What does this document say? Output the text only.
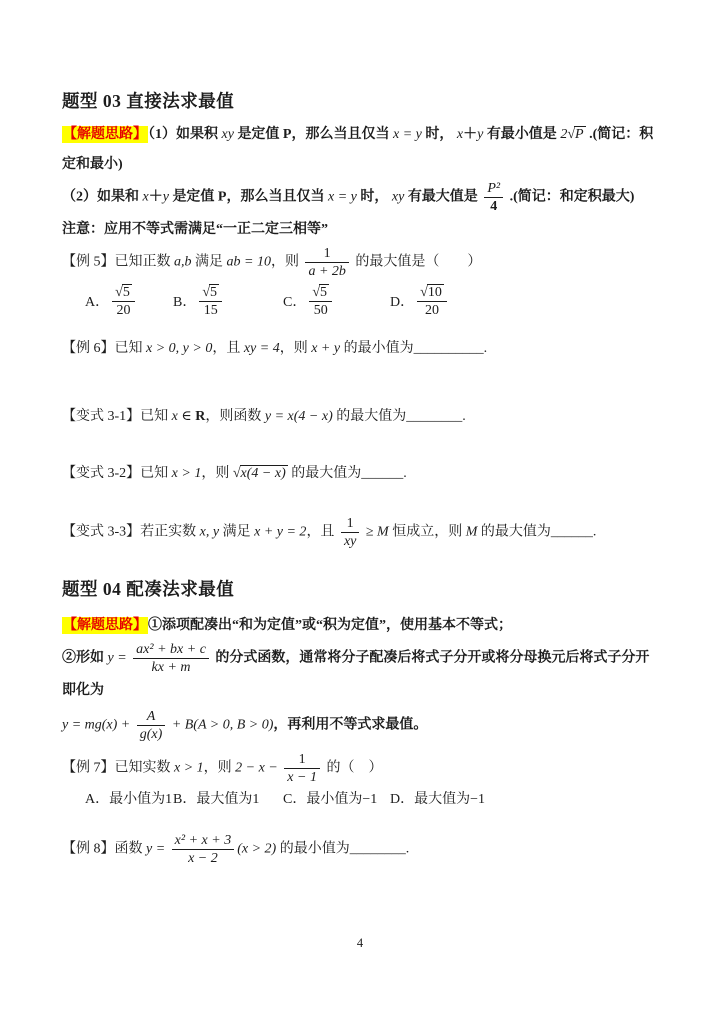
题型 03 直接法求最值

【解题思路】（1）如果积 xy 是定值 P，那么当且仅当 x = y 时， x＋y 有最小值是 2√P .(简记：积定和最小)

（2）如果和 x＋y 是定值 P，那么当且仅当 x = y 时， xy 有最大值是 $\frac{\text{P²}}{4}$ .(简记：和定积最大)

注意：应用不等式需满足“一正二定三相等”

【例 5】已知正数 a,b 满足 ab = 10，则 $\frac{1}{a + 2b}$ 的最大值是（　　）

A． $\frac{√5}{20}$	B． $\frac{√5}{15}$	C． $\frac{√5}{50}$	D． $\frac{√10}{20}$

【例 6】已知 x > 0, y > 0，且 xy = 4，则 x + y 的最小值为__________.

【变式 3-1】已知 x ∈ R，则函数 y = x(4 − x) 的最大值为________.

【变式 3-2】已知 x > 1，则 √x(4 − x) 的最大值为______.

【变式 3-3】若正实数 x, y 满足 x + y = 2，且 $\frac{1}{xy} \ge M$ 恒成立，则 M 的最大值为______.

题型 04 配凑法求最值

【解题思路】①添项配凑出“和为定值”或“积为定值”，使用基本不等式；

②形如 $y = \frac{\text{ax² + bx + c}}{kx + m}$ 的分式函数，通常将分子配凑后将式子分开或将分母换元后将式子分开即化为

$y = mg(x) + \frac{A}{g(x)} + B(A > 0$, B > 0)，再利用不等式求最值。

【例 7】已知实数 x > 1，则 $2 - x - \frac{1}{x - 1}$ 的（　）

A．最小值为1 B．最大值为1 C．最小值为−1 D．最大值为−1

【例 8】函数 $y = \frac{\text{x² + x + 3}}{x - 2} (x > 2)$ 的最小值为________.

4
